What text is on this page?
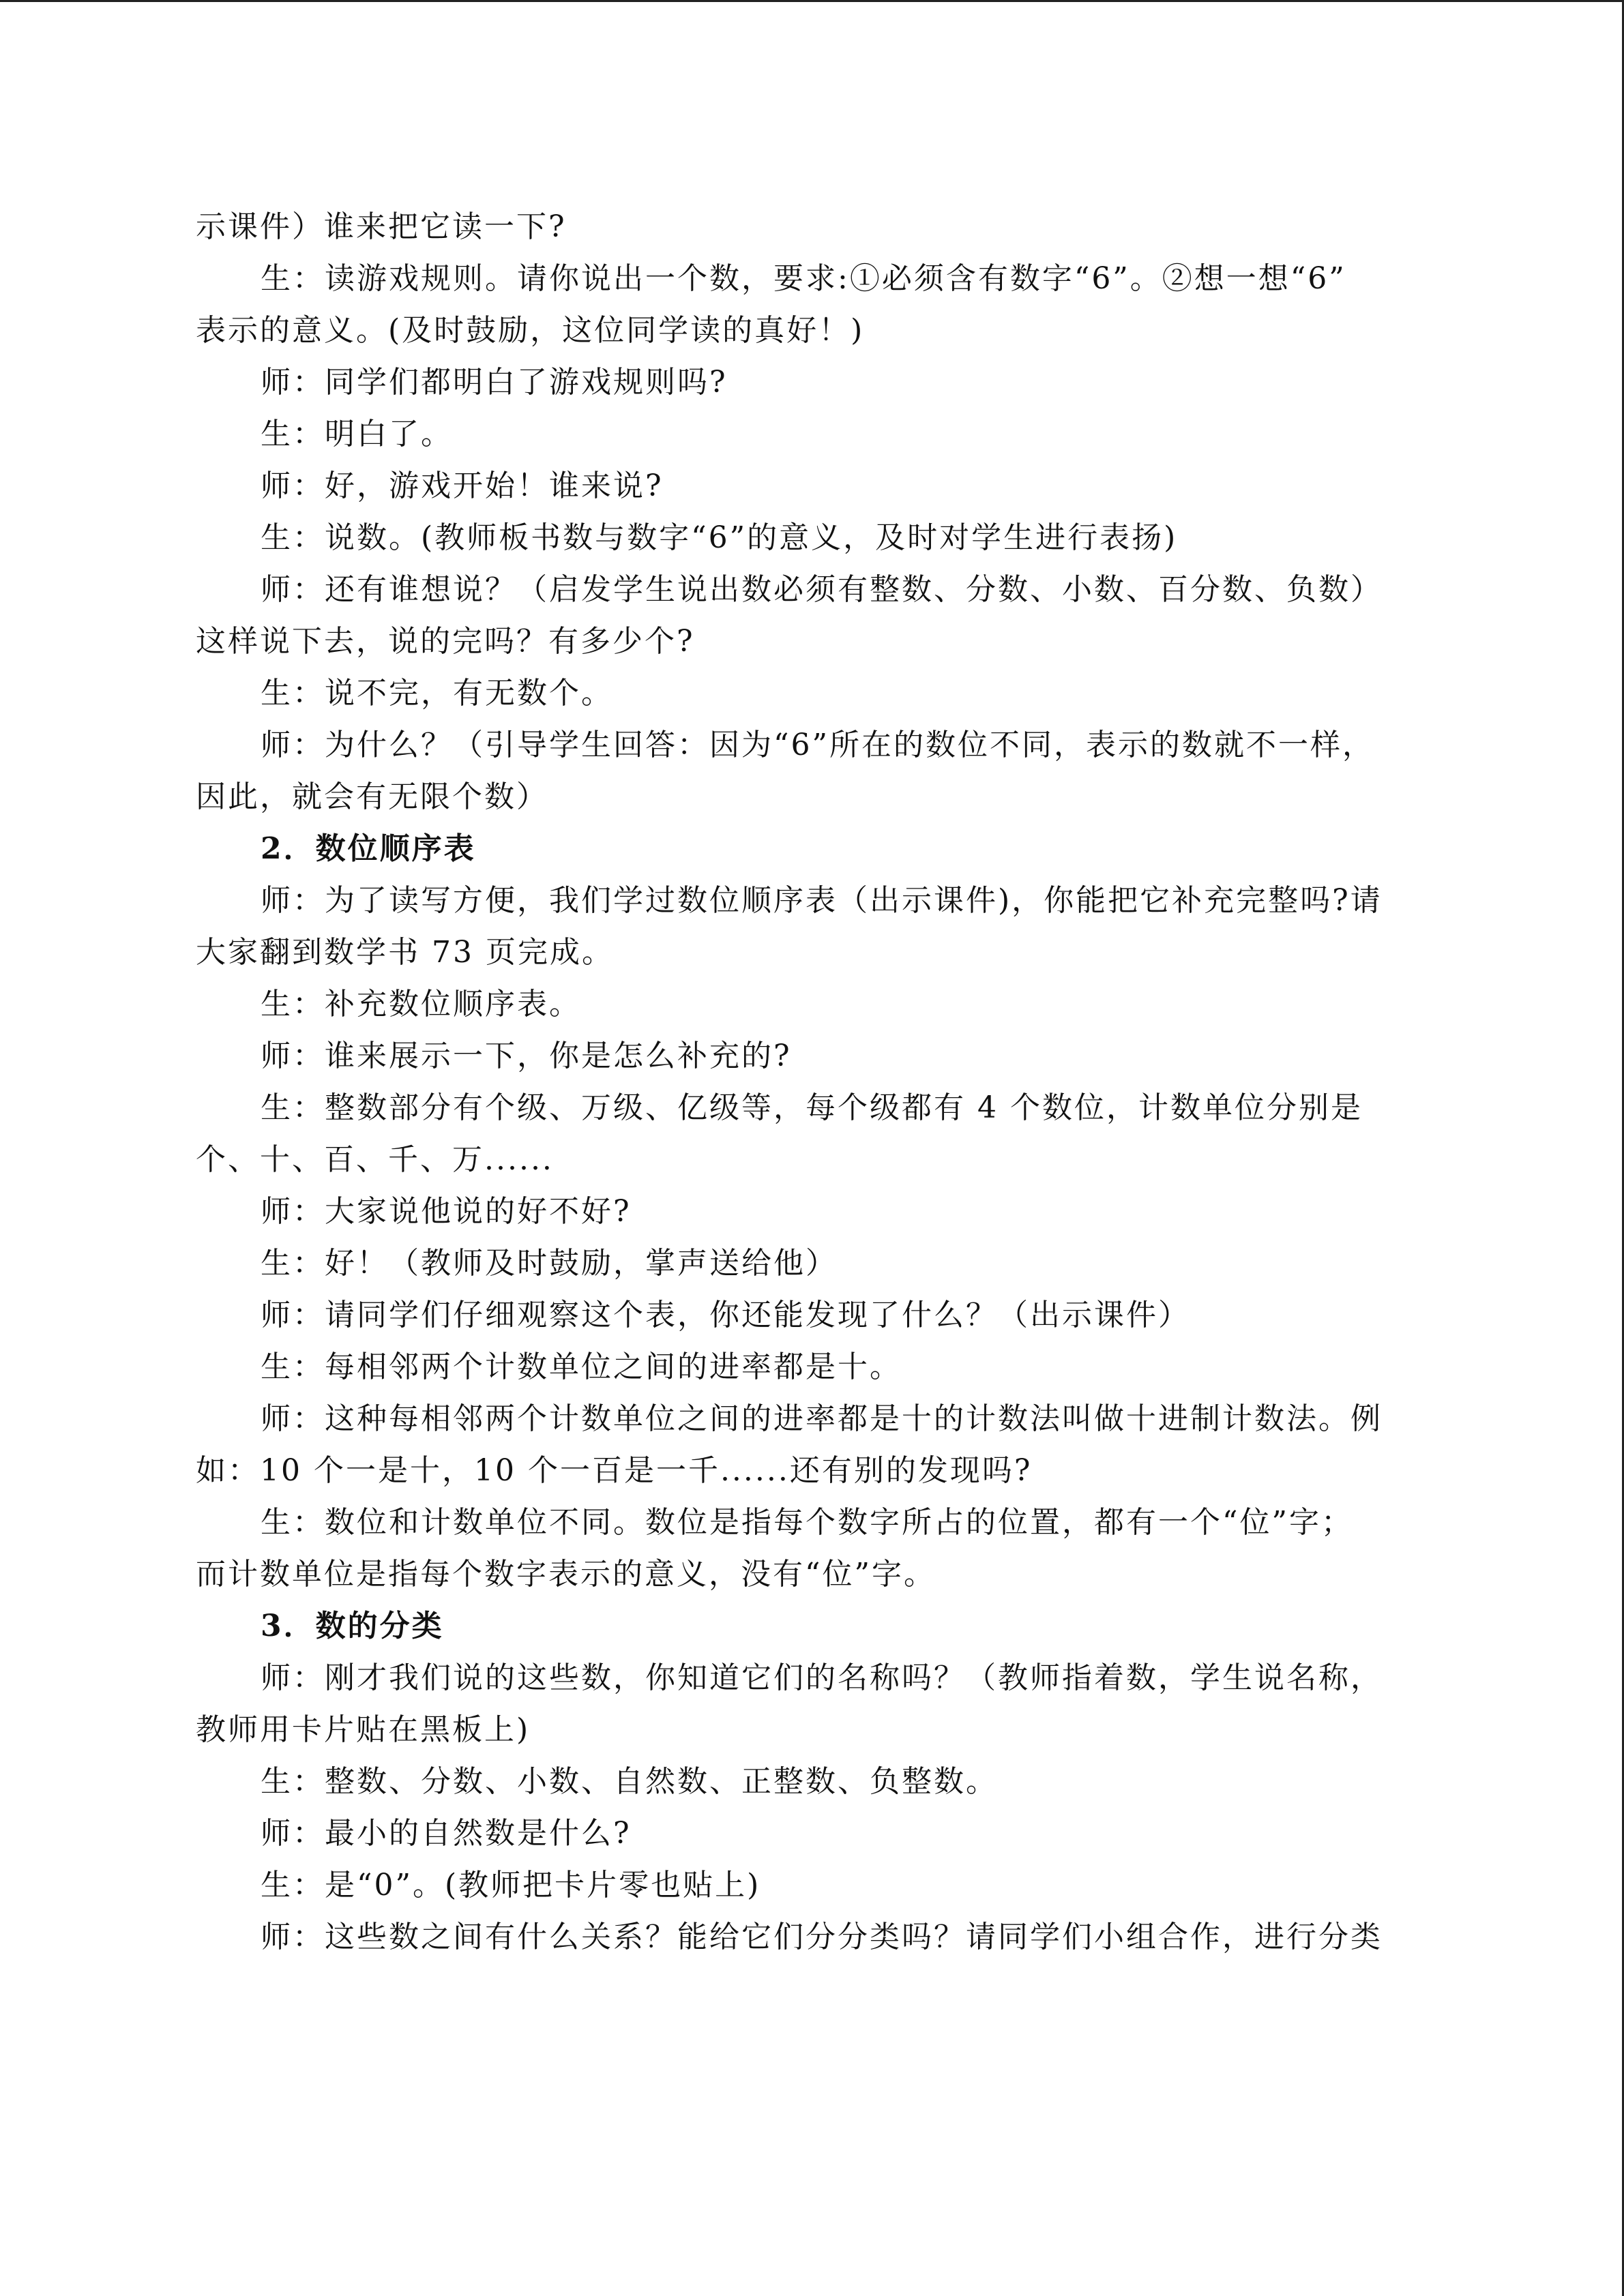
示课件）谁来把它读一下?
生：读游戏规则。请你说出一个数，要求:①必须含有数字“6”。②想一想“6”
表示的意义。(及时鼓励，这位同学读的真好！)
师：同学们都明白了游戏规则吗?
生：明白了。
师：好，游戏开始！谁来说?
生：说数。(教师板书数与数字“6”的意义，及时对学生进行表扬)
师：还有谁想说？（启发学生说出数必须有整数、分数、小数、百分数、负数）
这样说下去，说的完吗？有多少个?
生：说不完，有无数个。
师：为什么？（引导学生回答：因为“6”所在的数位不同，表示的数就不一样，
因此，就会有无限个数）
2．数位顺序表
师：为了读写方便，我们学过数位顺序表（出示课件)，你能把它补充完整吗?请
大家翻到数学书 73 页完成。
生：补充数位顺序表。
师：谁来展示一下，你是怎么补充的?
生：整数部分有个级、万级、亿级等，每个级都有 4 个数位，计数单位分别是
个、十、百、千、万......
师：大家说他说的好不好?
生：好！（教师及时鼓励，掌声送给他）
师：请同学们仔细观察这个表，你还能发现了什么？（出示课件）
生：每相邻两个计数单位之间的进率都是十。
师：这种每相邻两个计数单位之间的进率都是十的计数法叫做十进制计数法。例
如：10 个一是十，10 个一百是一千......还有别的发现吗?
生：数位和计数单位不同。数位是指每个数字所占的位置，都有一个“位”字；
而计数单位是指每个数字表示的意义，没有“位”字。
3．数的分类
师：刚才我们说的这些数，你知道它们的名称吗？（教师指着数，学生说名称，
教师用卡片贴在黑板上)
生：整数、分数、小数、自然数、正整数、负整数。
师：最小的自然数是什么?
生：是“0”。(教师把卡片零也贴上)
师：这些数之间有什么关系？能给它们分分类吗？请同学们小组合作，进行分类
